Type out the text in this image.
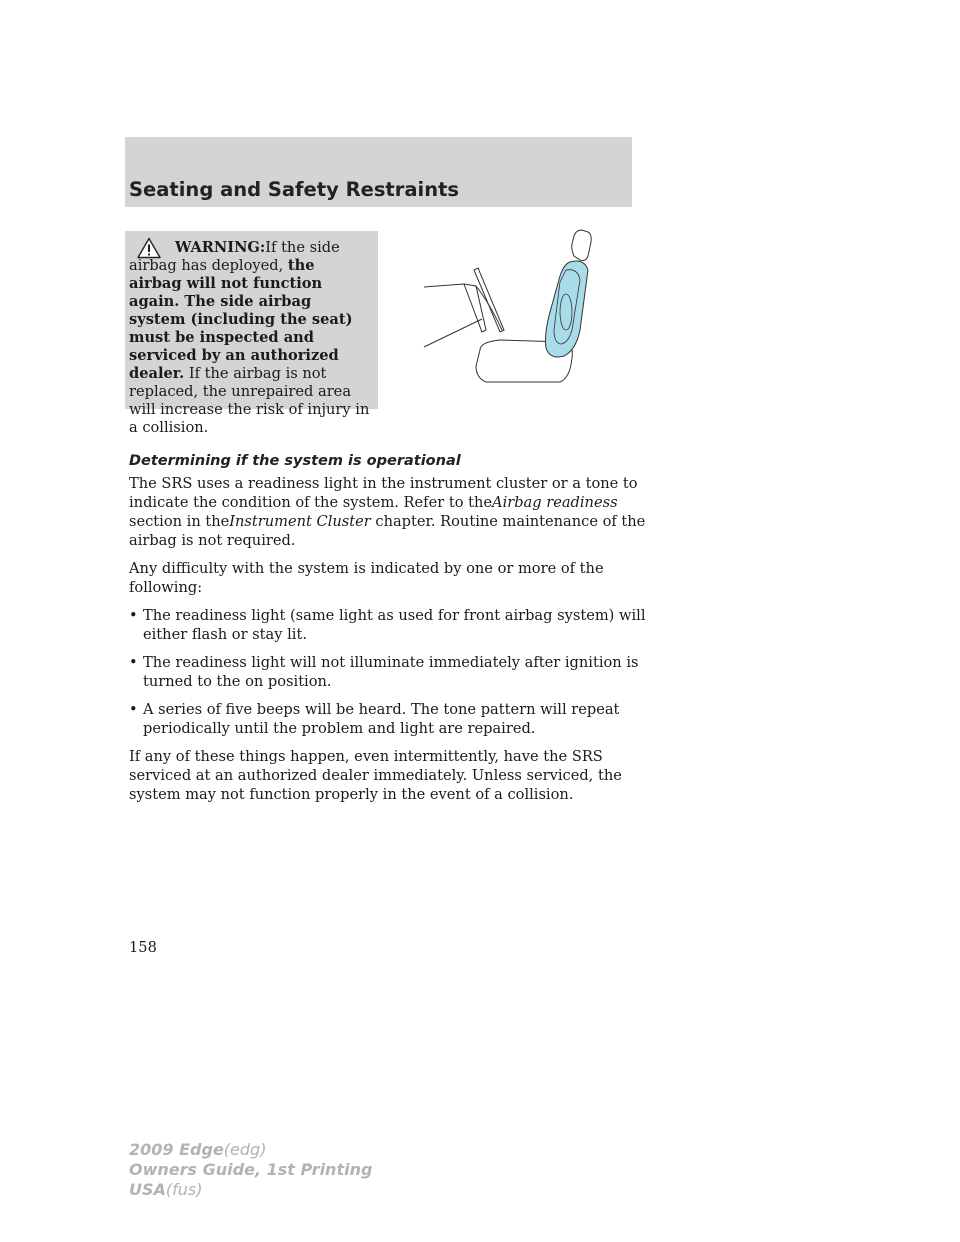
Seating and Safety Restraints

WARNING:If the side airbag has deployed, the airbag will not function again. The side airbag system (including the seat) must be inspected and serviced by an authorized dealer. If the airbag is not replaced, the unrepaired area will increase the risk of injury in a collision.

Determining if the system is operational

The SRS uses a readiness light in the instrument cluster or a tone to indicate the condition of the system. Refer to theAirbag readiness section in theInstrument Cluster chapter. Routine maintenance of the airbag is not required.

Any difficulty with the system is indicated by one or more of the following:

• The readiness light (same light as used for front airbag system) will either flash or stay lit.
• The readiness light will not illuminate immediately after ignition is turned to the on position.
• A series of five beeps will be heard. The tone pattern will repeat periodically until the problem and light are repaired.

If any of these things happen, even intermittently, have the SRS serviced at an authorized dealer immediately. Unless serviced, the system may not function properly in the event of a collision.

158
2009 Edge(edg)
Owners Guide, 1st Printing
USA(fus)
